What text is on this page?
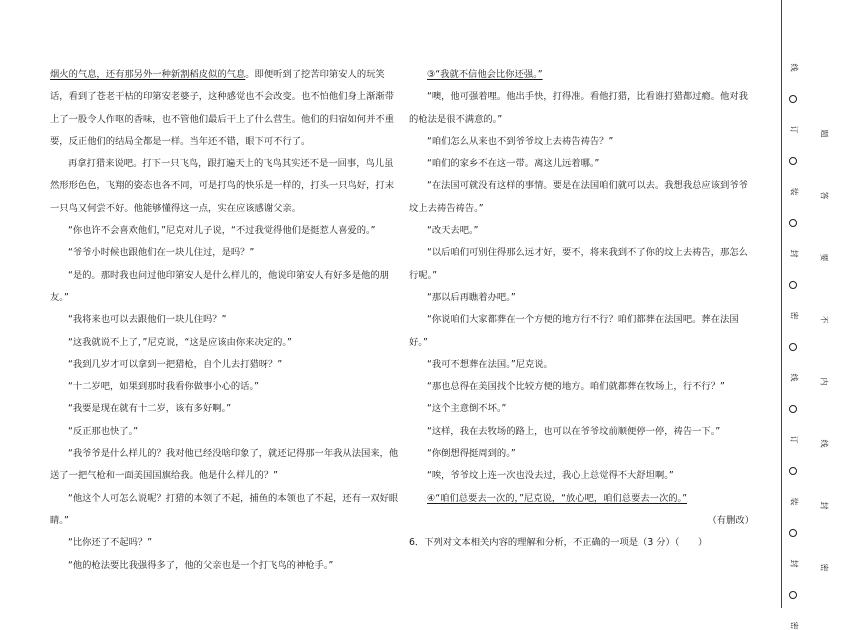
线
订
装
封
密
线
订
装
封
密
题
答
要
不
内
线
封
密

烟火的气息，还有那另外一种新割稻皮似的气息。即便听到了挖苦印第安人的玩笑话，看到了苍老干枯的印第安老婆子，这种感觉也不会改变。也不怕他们身上渐渐带上了一股令人作呕的香味，也不管他们最后干上了什么营生。他们的归宿如何并不重要，反正他们的结局全都是一样。当年还不错，眼下可不行了。

再拿打猎来说吧。打下一只飞鸟，跟打遍天上的飞鸟其实还不是一回事，鸟儿虽然形形色色，飞翔的姿态也各不同，可是打鸟的快乐是一样的，打头一只鸟好，打末一只鸟又何尝不好。他能够懂得这一点，实在应该感谢父亲。

“你也许不会喜欢他们，”尼克对儿子说，“不过我觉得他们是挺惹人喜爱的。”

“爷爷小时候也跟他们在一块儿住过，是吗？”

“是的。那时我也问过他印第安人是什么样儿的，他说印第安人有好多是他的朋友。”

“我将来也可以去跟他们一块儿住吗？”

“这我就说不上了，”尼克说，“这是应该由你来决定的。”

“我到几岁才可以拿到一把猎枪，自个儿去打猎呀？”

“十二岁吧，如果到那时我看你做事小心的话。”

“我要是现在就有十二岁，该有多好啊。”

“反正那也快了。”

“我爷爷是什么样儿的？我对他已经没啥印象了，就还记得那一年我从法国来，他送了一把气枪和一面美国国旗给我。他是什么样儿的？”

“他这个人可怎么说呢？打猎的本领了不起，捕鱼的本领也了不起，还有一双好眼睛。”

“比你还了不起吗？”

“他的枪法要比我强得多了，他的父亲也是一个打飞鸟的神枪手。”

③“我就不信他会比你还强。”

“噢，他可强着哩。他出手快，打得准。看他打猎，比看谁打猎都过瘾。他对我的枪法是很不满意的。”

“咱们怎么从来也不到爷爷坟上去祷告祷告？”

“咱们的家乡不在这一带。离这儿远着哪。”

“在法国可就没有这样的事情。要是在法国咱们就可以去。我想我总应该到爷爷坟上去祷告祷告。”

“改天去吧。”

“以后咱们可别住得那么远才好，要不，将来我到不了你的坟上去祷告，那怎么行呢。”

“那以后再瞧着办吧。”

“你说咱们大家都葬在一个方便的地方行不行？咱们都葬在法国吧。葬在法国好。”

“我可不想葬在法国。”尼克说。

“那也总得在美国找个比较方便的地方。咱们就都葬在牧场上，行不行？”

“这个主意倒不坏。”

“这样，我在去牧场的路上，也可以在爷爷坟前顺便停一停，祷告一下。”

“你倒想得挺周到的。”

“唉，爷爷坟上连一次也没去过，我心上总觉得不大舒坦啊。”

④“咱们总要去一次的，”尼克说，“放心吧，咱们总要去一次的。”

（有删改）

6．下列对文本相关内容的理解和分析，不正确的一项是（3 分）（　　）
